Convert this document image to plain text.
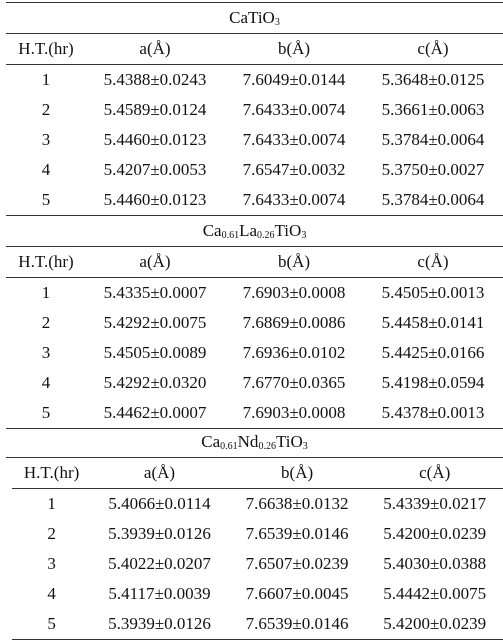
CaTiO$_3$
H.T.(hr)	a(Å)	b(Å)	c(Å)
1	5.4388±0.0243	7.6049±0.0144	5.3648±0.0125
2	5.4589±0.0124	7.6433±0.0074	5.3661±0.0063
3	5.4460±0.0123	7.6433±0.0074	5.3784±0.0064
4	5.4207±0.0053	7.6547±0.0032	5.3750±0.0027
5	5.4460±0.0123	7.6433±0.0074	5.3784±0.0064
$Ca_{0.61}La_{0.26}TiO_3$
H.T.(hr)	a(Å)	b(Å)	c(Å)
1	5.4335±0.0007	7.6903±0.0008	5.4505±0.0013
2	5.4292±0.0075	7.6869±0.0086	5.4458±0.0141
3	5.4505±0.0089	7.6936±0.0102	5.4425±0.0166
4	5.4292±0.0320	7.6770±0.0365	5.4198±0.0594
5	5.4462±0.0007	7.6903±0.0008	5.4378±0.0013
$Ca_{0.61}Nd_{0.26}TiO_3$
H.T.(hr)	a(Å)	b(Å)	c(Å)
1	5.4066±0.0114	7.6638±0.0132	5.4339±0.0217
2	5.3939±0.0126	7.6539±0.0146	5.4200±0.0239
3	5.4022±0.0207	7.6507±0.0239	5.4030±0.0388
4	5.4117±0.0039	7.6607±0.0045	5.4442±0.0075
5	5.3939±0.0126	7.6539±0.0146	5.4200±0.0239
